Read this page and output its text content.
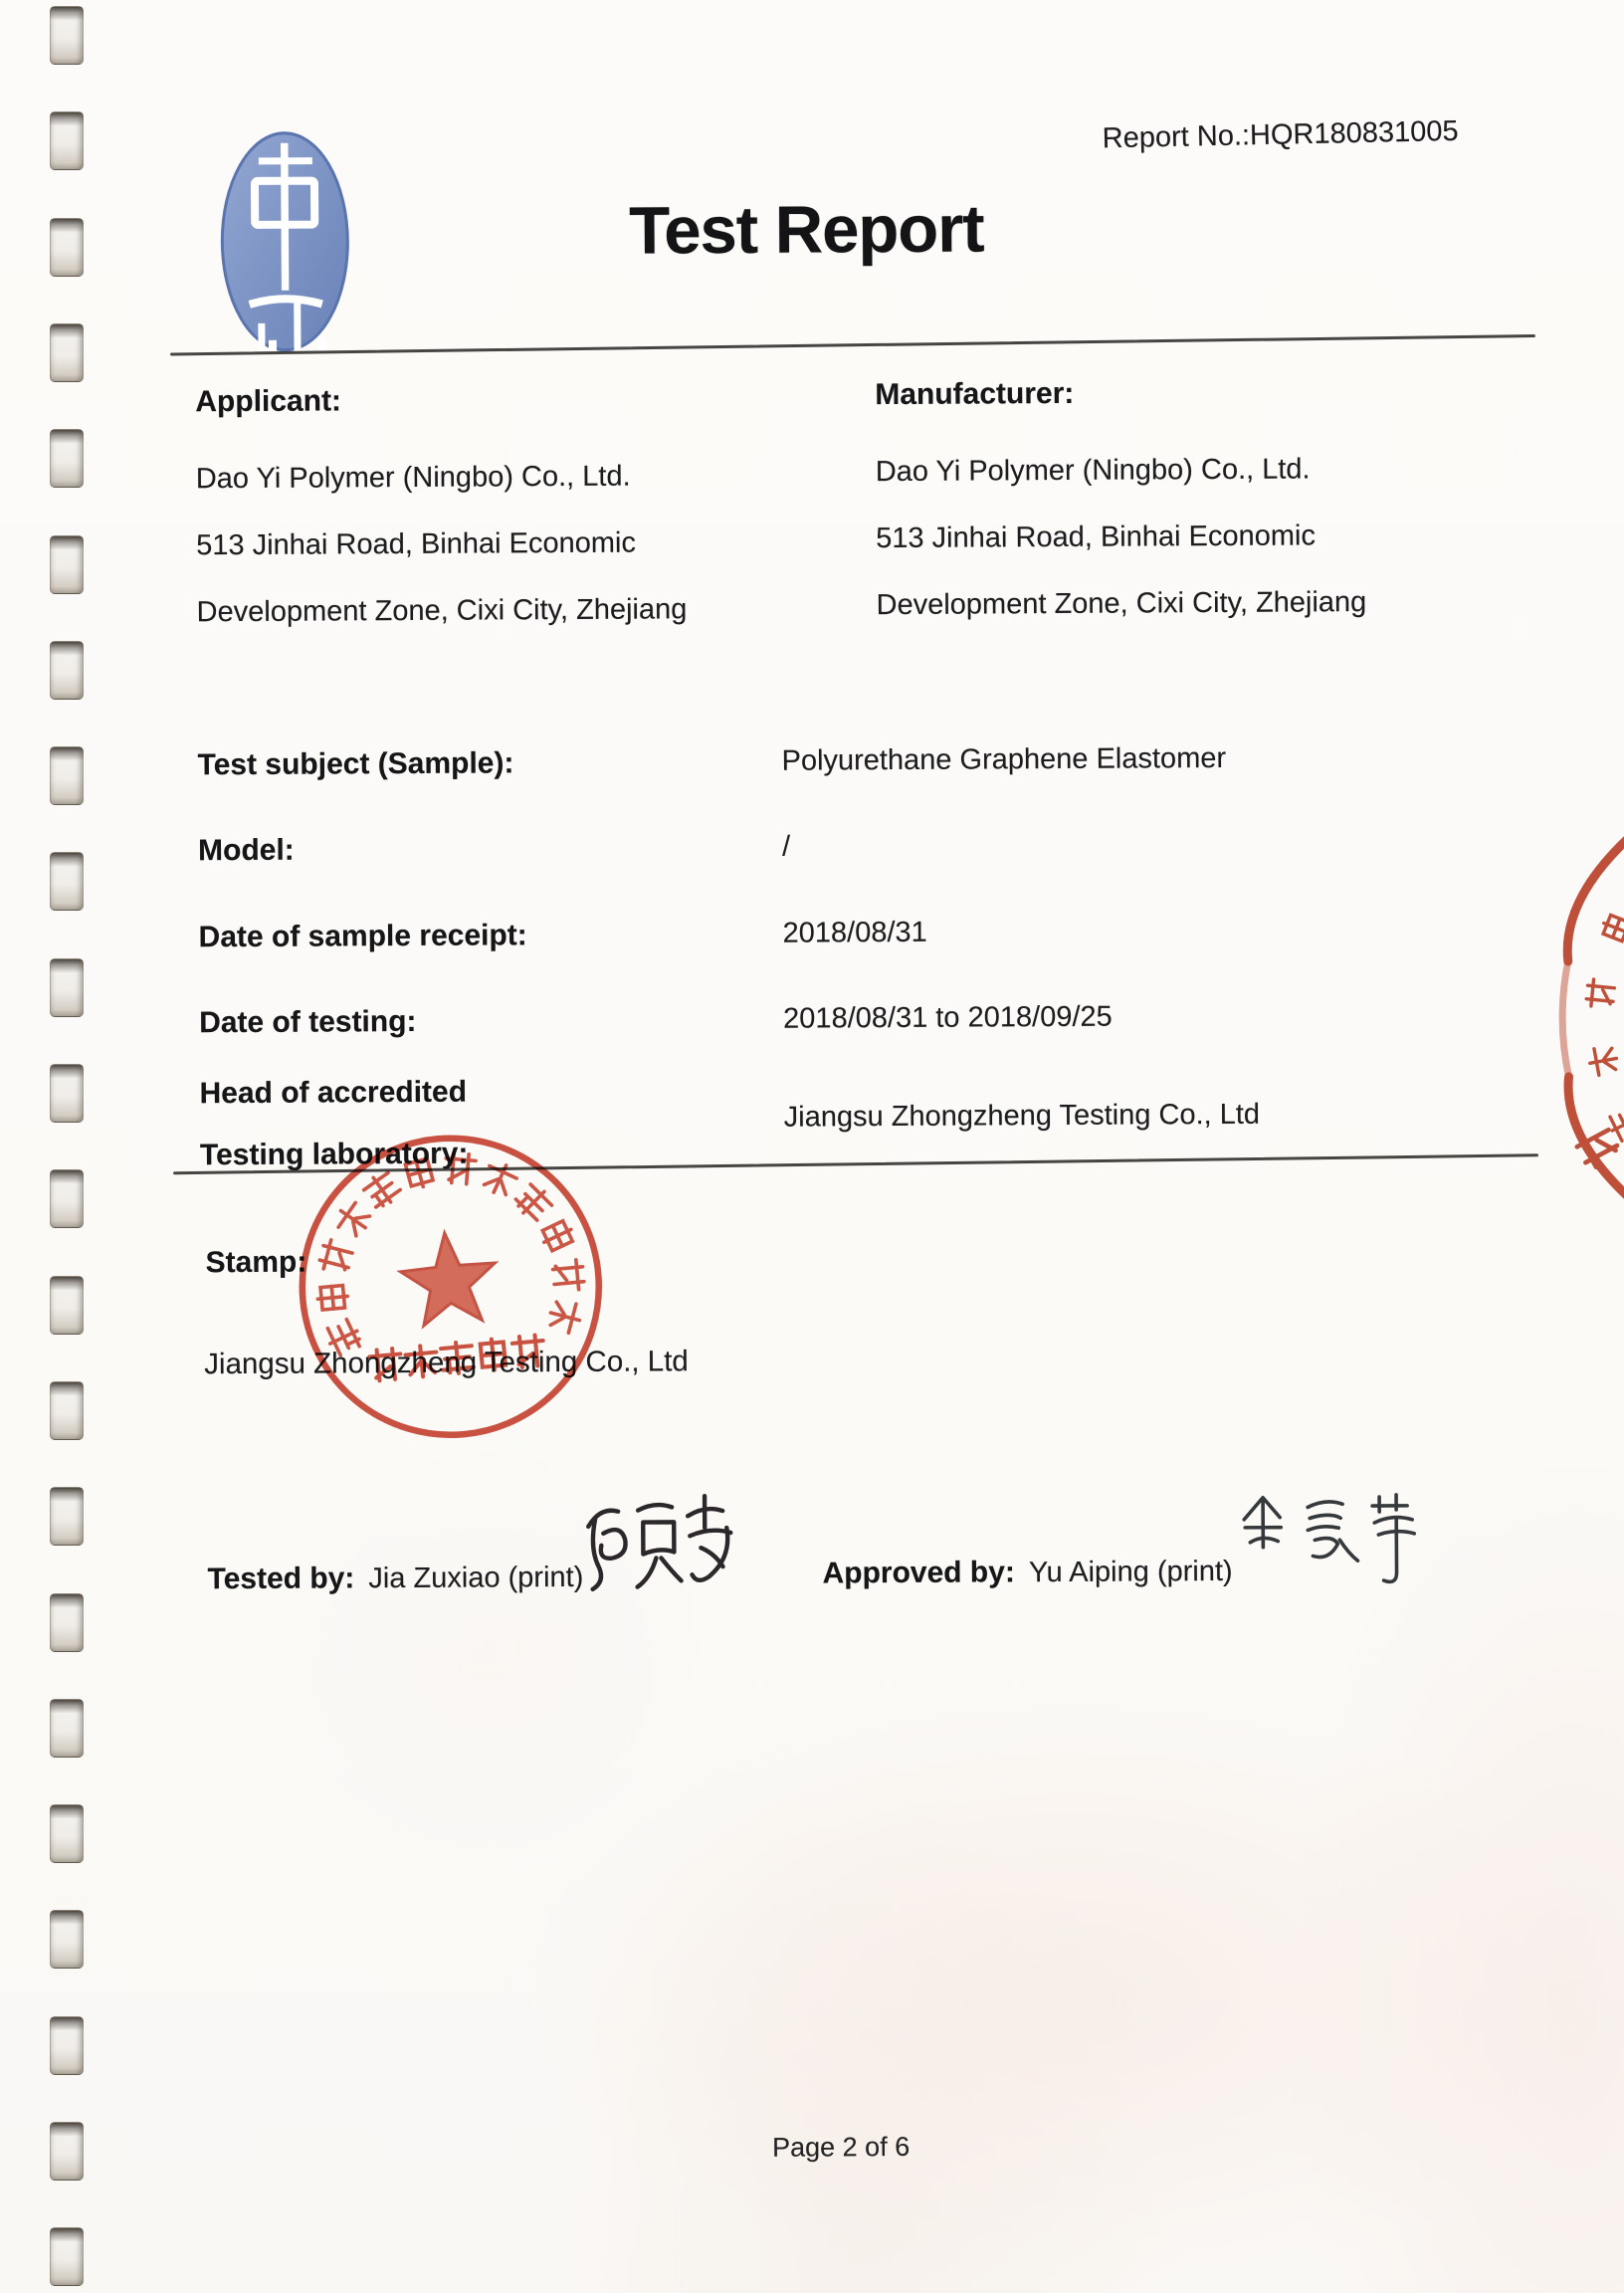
Report No.:HQR180831005
Test Report
Applicant:
Dao Yi Polymer (Ningbo) Co., Ltd.
513 Jinhai Road, Binhai Economic
Development Zone, Cixi City, Zhejiang
Manufacturer:
Dao Yi Polymer (Ningbo) Co., Ltd.
513 Jinhai Road, Binhai Economic
Development Zone, Cixi City, Zhejiang
Test subject (Sample):	Polyurethane Graphene Elastomer
Model:	/
Date of sample receipt:	2018/08/31
Date of testing:	2018/08/31 to 2018/09/25
Head of accredited
Testing laboratory:
Jiangsu Zhongzheng Testing Co., Ltd
Stamp:
Jiangsu Zhongzheng Testing Co., Ltd
Tested by: Jia Zuxiao (print)	Approved by: Yu Aiping (print)
Page 2 of 6
